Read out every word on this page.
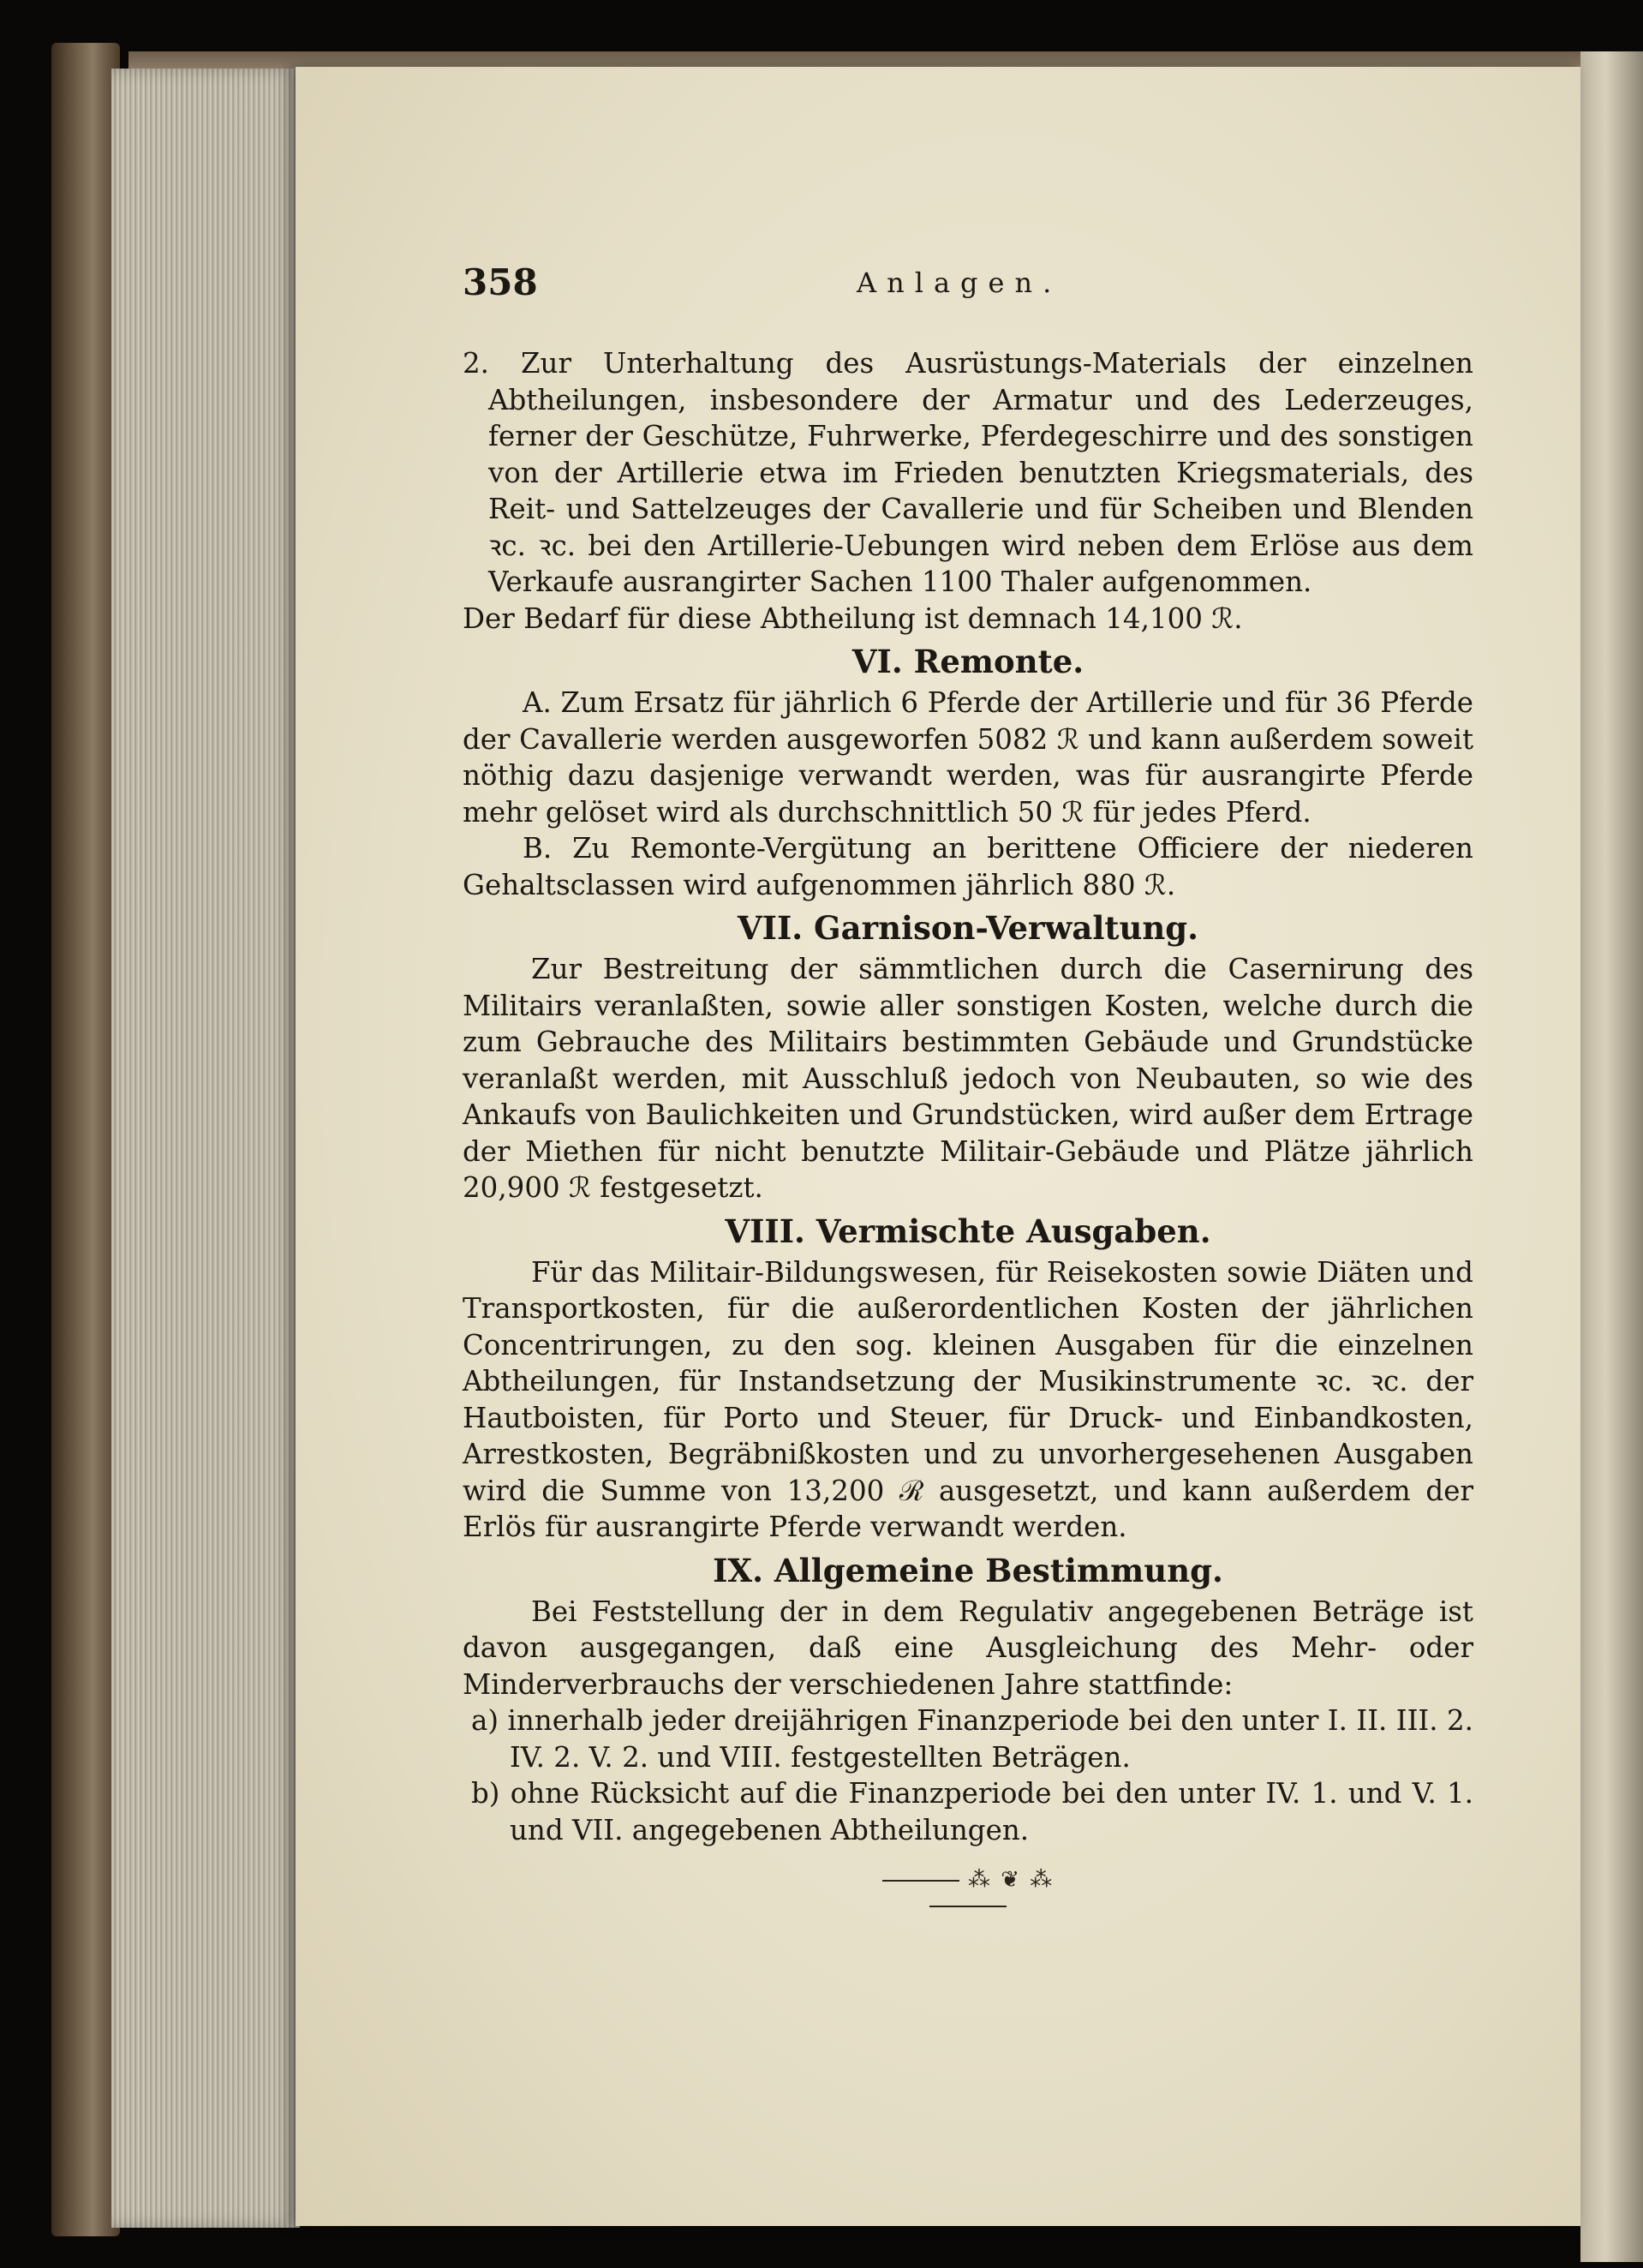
358	Anlagen.

2. Zur Unterhaltung des Ausrüstungs-Materials der einzelnen Abtheilungen, insbesondere der Armatur und des Lederzeuges, ferner der Geschütze, Fuhrwerke, Pferdegeschirre und des sonstigen von der Artillerie etwa im Frieden benutzten Kriegsmaterials, des Reit- und Sattelzeuges der Cavallerie und für Scheiben und Blenden ꝛc. ꝛc. bei den Artillerie-Uebungen wird neben dem Erlöse aus dem Verkaufe ausrangirter Sachen 1100 Thaler aufgenommen.

Der Bedarf für diese Abtheilung ist demnach 14,100 ℛ︎.

VI. Remonte.

A. Zum Ersatz für jährlich 6 Pferde der Artillerie und für 36 Pferde der Cavallerie werden ausgeworfen 5082 ℛ︎ und kann außerdem soweit nöthig dazu dasjenige verwandt werden, was für ausrangirte Pferde mehr gelöset wird als durchschnittlich 50 ℛ︎ für jedes Pferd.

B. Zu Remonte-Vergütung an berittene Officiere der niederen Gehaltsclassen wird aufgenommen jährlich 880 ℛ︎.

VII. Garnison-Verwaltung.

Zur Bestreitung der sämmtlichen durch die Casernirung des Militairs veranlaßten, sowie aller sonstigen Kosten, welche durch die zum Gebrauche des Militairs bestimmten Gebäude und Grundstücke veranlaßt werden, mit Ausschluß jedoch von Neubauten, so wie des Ankaufs von Baulichkeiten und Grundstücken, wird außer dem Ertrage der Miethen für nicht benutzte Militair-Gebäude und Plätze jährlich 20,900 ℛ︎ festgesetzt.

VIII. Vermischte Ausgaben.

Für das Militair-Bildungswesen, für Reisekosten sowie Diäten und Transportkosten, für die außerordentlichen Kosten der jährlichen Concentrirungen, zu den sog. kleinen Ausgaben für die einzelnen Abtheilungen, für Instandsetzung der Musikinstrumente ꝛc. ꝛc. der Hautboisten, für Porto und Steuer, für Druck- und Einbandkosten, Arrestkosten, Begräbnißkosten und zu unvorhergesehenen Ausgaben wird die Summe von 13,200 ℛ︎ ausgesetzt, und kann außerdem der Erlös für ausrangirte Pferde verwandt werden.

IX. Allgemeine Bestimmung.

Bei Feststellung der in dem Regulativ angegebenen Beträge ist davon ausgegangen, daß eine Ausgleichung des Mehr- oder Minderverbrauchs der verschiedenen Jahre stattfinde:

a) innerhalb jeder dreijährigen Finanzperiode bei den unter I. II. III. 2. IV. 2. V. 2. und VIII. festgestellten Beträgen.

b) ohne Rücksicht auf die Finanzperiode bei den unter IV. 1. und V. 1. und VII. angegebenen Abtheilungen.

⁂ ❦ ⁂
